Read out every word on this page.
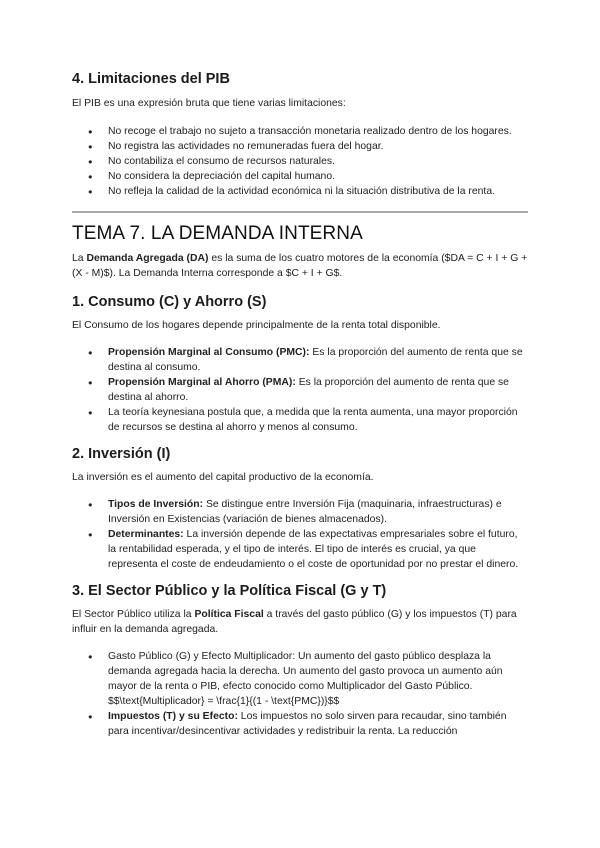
4. Limitaciones del PIB

El PIB es una expresión bruta que tiene varias limitaciones:

● No recoge el trabajo no sujeto a transacción monetaria realizado dentro de los hogares.
● No registra las actividades no remuneradas fuera del hogar.
● No contabiliza el consumo de recursos naturales.
● No considera la depreciación del capital humano.
● No refleja la calidad de la actividad económica ni la situación distributiva de la renta.
TEMA 7. LA DEMANDA INTERNA

La Demanda Agregada (DA) es la suma de los cuatro motores de la economía ($DA = C + I + G + (X - M)$). La Demanda Interna corresponde a $C + I + G$.

1. Consumo (C) y Ahorro (S)

El Consumo de los hogares depende principalmente de la renta total disponible.

● Propensión Marginal al Consumo (PMC): Es la proporción del aumento de renta que se destina al consumo.
● Propensión Marginal al Ahorro (PMA): Es la proporción del aumento de renta que se destina al ahorro.
● La teoría keynesiana postula que, a medida que la renta aumenta, una mayor proporción de recursos se destina al ahorro y menos al consumo.
2. Inversión (I)

La inversión es el aumento del capital productivo de la economía.

● Tipos de Inversión: Se distingue entre Inversión Fija (maquinaria, infraestructuras) e Inversión en Existencias (variación de bienes almacenados).
● Determinantes: La inversión depende de las expectativas empresariales sobre el futuro, la rentabilidad esperada, y el tipo de interés. El tipo de interés es crucial, ya que representa el coste de endeudamiento o el coste de oportunidad por no prestar el dinero.
3. El Sector Público y la Política Fiscal (G y T)

El Sector Público utiliza la Política Fiscal a través del gasto público (G) y los impuestos (T) para influir en la demanda agregada.

● Gasto Público (G) y Efecto Multiplicador: Un aumento del gasto público desplaza la demanda agregada hacia la derecha. Un aumento del gasto provoca un aumento aún mayor de la renta o PIB, efecto conocido como Multiplicador del Gasto Público. $$\text{Multiplicador} = \frac{1}{(1 - \text{PMC})}$$
● Impuestos (T) y su Efecto: Los impuestos no solo sirven para recaudar, sino también para incentivar/desincentivar actividades y redistribuir la renta. La reducción
